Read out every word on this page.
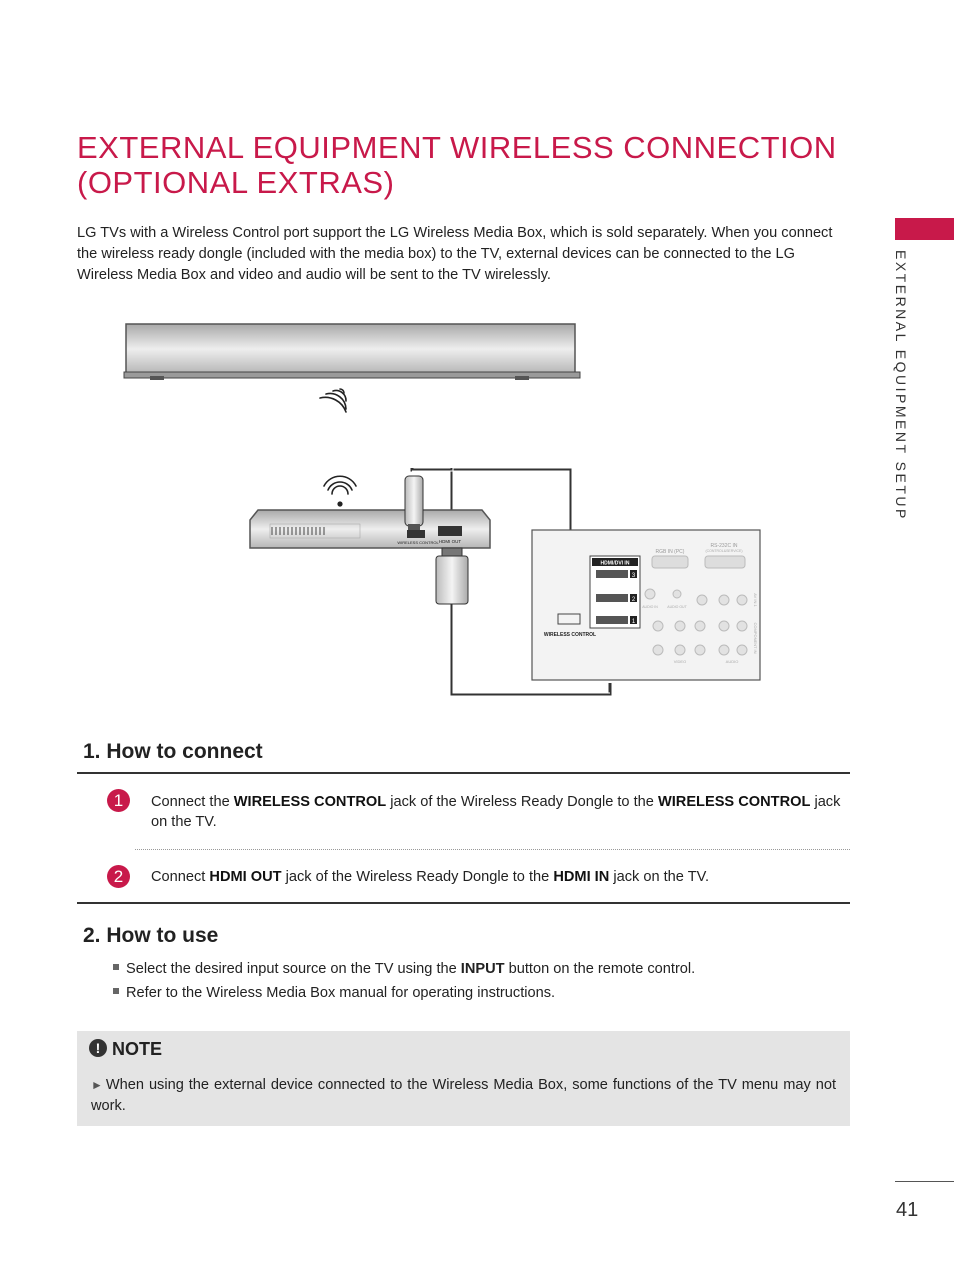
EXTERNAL EQUIPMENT WIRELESS CONNECTION
(OPTIONAL EXTRAS)

LG TVs with a Wireless Control port support the LG Wireless Media Box, which is sold separately. When you connect the wireless ready dongle (included with the media box) to the TV, external devices can be connected to the LG Wireless Media Box and video and audio will be sent to the TV wirelessly.	EXTERNAL EQUIPMENT SETUP
WIRELESS CONTROL HDMI OUT
HDMI/DVI IN
3
2
1
WIRELESS CONTROL
RGB IN (PC)
RS-232C IN
(CONTROL&SERVICE)
AUDIO IN	AUDIO OUT
VIDEO	AUDIO
AV IN 1
COMPONENT IN
1. How to connect
1	Connect the WIRELESS CONTROL jack of the Wireless Ready Dongle to the WIRELESS CONTROL jack on the TV.

2	Connect HDMI OUT jack of the Wireless Ready Dongle to the HDMI IN jack on the TV.

2. How to use

Select the desired input source on the TV using the INPUT button on the remote control.

Refer to the Wireless Media Box manual for operating instructions.

! NOTE

► When using the external device connected to the Wireless Media Box, some functions of the TV menu may not work.

41
